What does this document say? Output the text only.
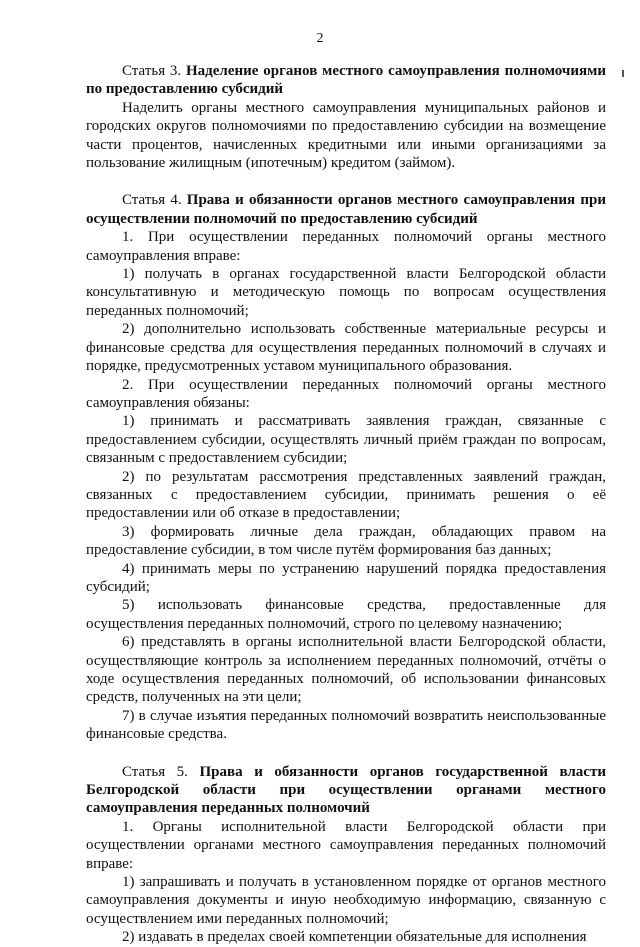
2

Статья 3. Наделение органов местного самоуправления полномочиями по предоставлению субсидий

Наделить органы местного самоуправления муниципальных районов и городских округов полномочиями по предоставлению субсидии на возмещение части процентов, начисленных кредитными или иными организациями за пользование жилищным (ипотечным) кредитом (займом).

Статья 4. Права и обязанности органов местного самоуправления при осуществлении полномочий по предоставлению субсидий

1. При осуществлении переданных полномочий органы местного самоуправления вправе:

1) получать в органах государственной власти Белгородской области консультативную и методическую помощь по вопросам осуществления переданных полномочий;

2) дополнительно использовать собственные материальные ресурсы и финансовые средства для осуществления переданных полномочий в случаях и порядке, предусмотренных уставом муниципального образования.

2. При осуществлении переданных полномочий органы местного самоуправления обязаны:

1) принимать и рассматривать заявления граждан, связанные с предоставлением субсидии, осуществлять личный приём граждан по вопросам, связанным с предоставлением субсидии;

2) по результатам рассмотрения представленных заявлений граждан, связанных с предоставлением субсидии, принимать решения о её предоставлении или об отказе в предоставлении;

3) формировать личные дела граждан, обладающих правом на предоставление субсидии, в том числе путём формирования баз данных;

4) принимать меры по устранению нарушений порядка предоставления субсидий;

5) использовать финансовые средства, предоставленные для осуществления переданных полномочий, строго по целевому назначению;

6) представлять в органы исполнительной власти Белгородской области, осуществляющие контроль за исполнением переданных полномочий, отчёты о ходе осуществления переданных полномочий, об использовании финансовых средств, полученных на эти цели;

7) в случае изъятия переданных полномочий возвратить неиспользованные финансовые средства.

Статья 5. Права и обязанности органов государственной власти Белгородской области при осуществлении органами местного самоуправления переданных полномочий

1. Органы исполнительной власти Белгородской области при осуществлении органами местного самоуправления переданных полномочий вправе:

1) запрашивать и получать в установленном порядке от органов местного самоуправления документы и иную необходимую информацию, связанную с осуществлением ими переданных полномочий;

2) издавать в пределах своей компетенции обязательные для исполнения
